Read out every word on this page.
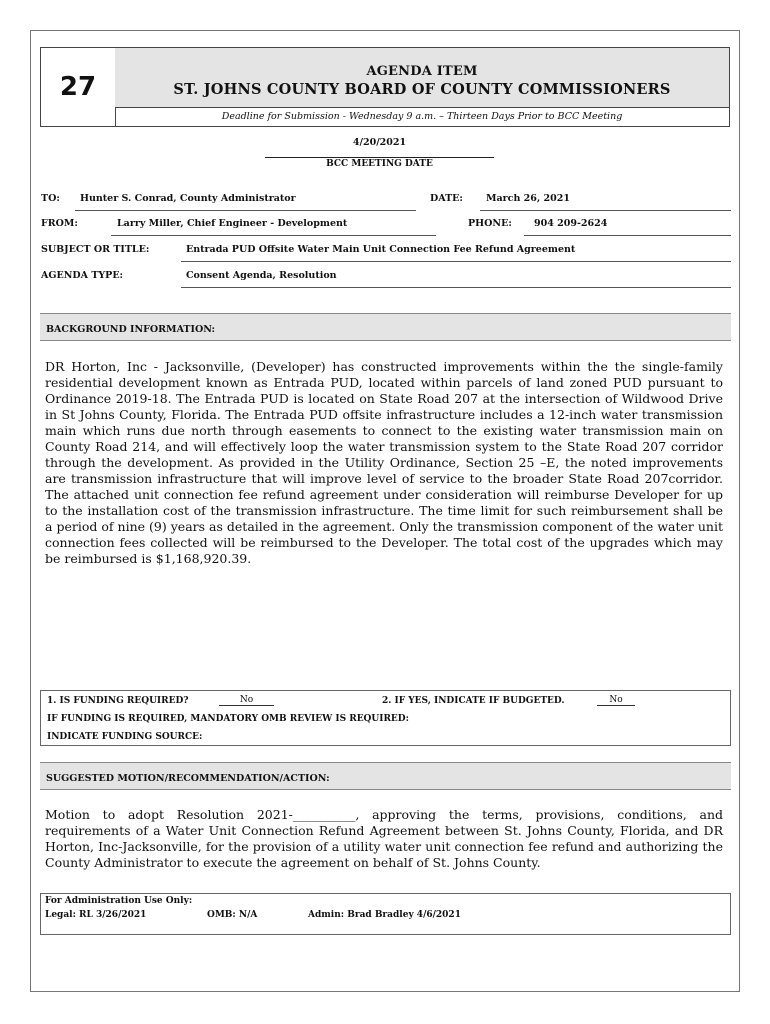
27
AGENDA ITEM
ST. JOHNS COUNTY BOARD OF COUNTY COMMISSIONERS
Deadline for Submission - Wednesday 9 a.m. – Thirteen Days Prior to BCC Meeting
4/20/2021
BCC MEETING DATE
TO: Hunter S. Conrad, County Administrator	DATE: March 26, 2021
FROM:	Larry Miller, Chief Engineer - Development	PHONE: 904 209-2624
SUBJECT OR TITLE:	Entrada PUD Offsite Water Main Unit Connection Fee Refund Agreement
AGENDA TYPE:	Consent Agenda, Resolution
BACKGROUND INFORMATION:
DR Horton, Inc - Jacksonville, (Developer) has constructed improvements within the the single-family residential development known as Entrada PUD, located within parcels of land zoned PUD pursuant to Ordinance 2019-18. The Entrada PUD is located on State Road 207 at the intersection of Wildwood Drive in St Johns County, Florida. The Entrada PUD offsite infrastructure includes a 12-inch water transmission main which runs due north through easements to connect to the existing water transmission main on County Road 214, and will effectively loop the water transmission system to the State Road 207 corridor through the development. As provided in the Utility Ordinance, Section 25 –E, the noted improvements are transmission infrastructure that will improve level of service to the broader State Road 207corridor. The attached unit connection fee refund agreement under consideration will reimburse Developer for up to the installation cost of the transmission infrastructure. The time limit for such reimbursement shall be a period of nine (9) years as detailed in the agreement. Only the transmission component of the water unit connection fees collected will be reimbursed to the Developer. The total cost of the upgrades which may be reimbursed is $1,168,920.39.
1. IS FUNDING REQUIRED?	No	2. IF YES, INDICATE IF BUDGETED.	No
IF FUNDING IS REQUIRED, MANDATORY OMB REVIEW IS REQUIRED:
INDICATE FUNDING SOURCE:
SUGGESTED MOTION/RECOMMENDATION/ACTION:
Motion to adopt Resolution 2021-__________, approving the terms, provisions, conditions, and requirements of a Water Unit Connection Refund Agreement between St. Johns County, Florida, and DR Horton, Inc-Jacksonville, for the provision of a utility water unit connection fee refund and authorizing the County Administrator to execute the agreement on behalf of St. Johns County.
For Administration Use Only:
Legal: RL 3/26/2021	OMB: N/A	Admin: Brad Bradley 4/6/2021
